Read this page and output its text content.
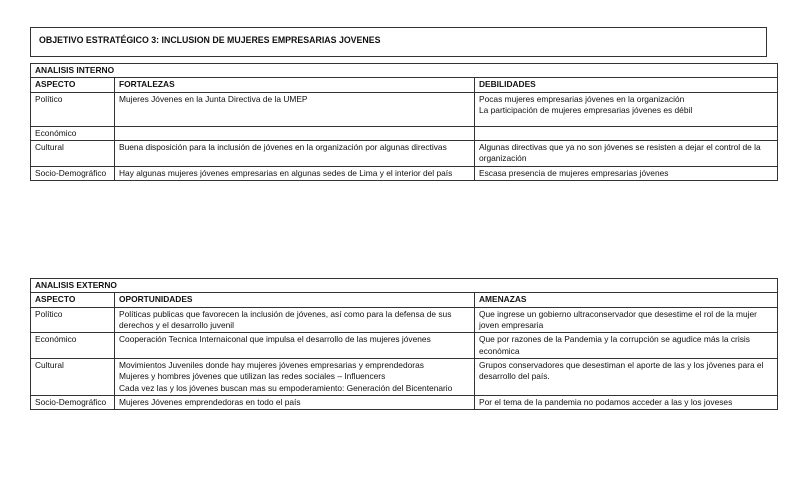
OBJETIVO ESTRATÉGICO 3: INCLUSION DE MUJERES EMPRESARIAS JOVENES
ANALISIS INTERNO		
ASPECTO	FORTALEZAS	DEBILIDADES
Político	Mujeres Jóvenes en la Junta Directiva de la UMEP	Pocas mujeres empresarias jóvenes en la organización
La participación de mujeres empresarias jóvenes es débil

Económico		
Cultural	Buena disposición para la inclusión de jóvenes en la organización por algunas directivas	Algunas directivas que ya no son jóvenes se resisten a dejar el control de la organización

Socio-Demográfico	Hay algunas mujeres jóvenes empresarias en algunas sedes de Lima y el interior del país	Escasa presencia de mujeres empresarias jóvenes
ANALISIS EXTERNO		
ASPECTO	OPORTUNIDADES	AMENAZAS
Político	Políticas publicas que favorecen la inclusión de jóvenes, así como para la defensa de sus derechos y el desarrollo juvenil	Que ingrese un gobierno ultraconservador que desestime el rol de la mujer joven empresaria

Económico	Cooperación Tecnica Internaiconal que impulsa el desarrollo de las mujeres jóvenes	Que por razones de la Pandemia y la corrupción se agudice más la crisis económica

Cultural	Movimientos Juveniles donde hay mujeres jóvenes empresarias y emprendedoras
Mujeres y hombres jóvenes que utilizan las redes sociales – Influencers
Cada vez las y los jóvenes buscan mas su empoderamiento: Generación del Bicentenario	Grupos conservadores que desestiman el aporte de las y los jóvenes para el desarrollo del país.

Socio-Demográfico	Mujeres Jóvenes emprendedoras en todo el país	Por el tema de la pandemia no podamos acceder a las y los joveses
